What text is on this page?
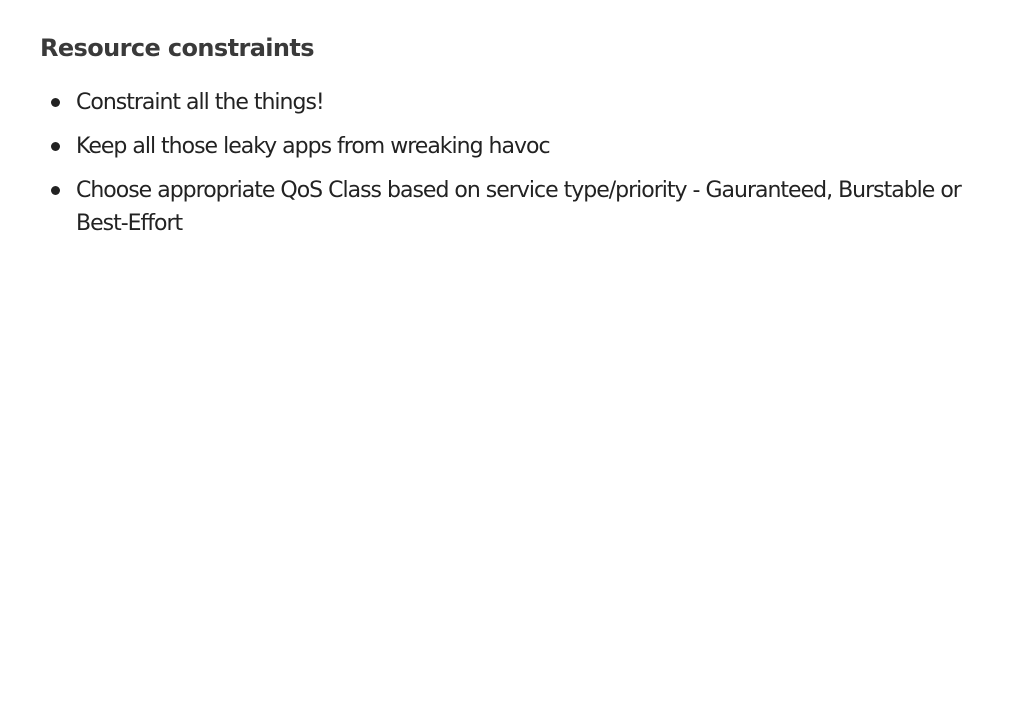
Resource constraints
Constraint all the things!
Keep all those leaky apps from wreaking havoc
Choose appropriate QoS Class based on service type/priority - Gauranteed, Burstable or Best-Effort
